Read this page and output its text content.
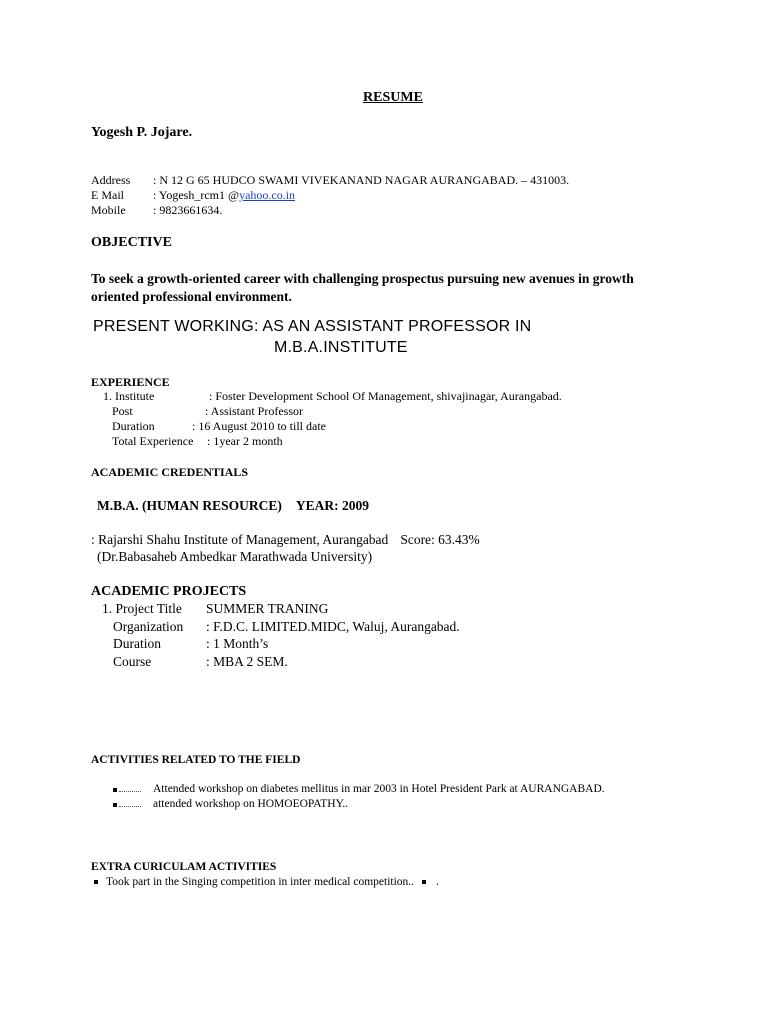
RESUME
Yogesh P. Jojare.
Address	: N 12 G 65 HUDCO SWAMI VIVEKANAND NAGAR AURANGABAD. – 431003.
E Mail	: Yogesh_rcm1 @ yahoo.co.in
Mobile	: 9823661634.
OBJECTIVE
To seek a growth-oriented career with challenging prospectus pursuing new avenues in growth oriented professional environment.
PRESENT WORKING: AS AN ASSISTANT PROFESSOR IN
M.B.A.INSTITUTE
EXPERIENCE
1. Institute	: Foster Development School Of Management, shivajinagar, Aurangabad.
Post	: Assistant Professor
Duration	: 16 August 2010 to till date
Total Experience : 1year 2 month
ACADEMIC CREDENTIALS
M.B.A. (HUMAN RESOURCE) YEAR: 2009
: Rajarshi Shahu Institute of Management, Aurangabad Score: 63.43%
(Dr.Babasaheb Ambedkar Marathwada University)
ACADEMIC PROJECTS
1. Project Title SUMMER TRANING
Organization : F.D.C. LIMITED.MIDC, Waluj, Aurangabad.
Duration	: 1 Month’s
Course	: MBA 2 SEM.
ACTIVITIES RELATED TO THE FIELD
Attended workshop on diabetes mellitus in mar 2003 in Hotel President Park at AURANGABAD.
attended workshop on HOMOEOPATHY..
EXTRA CURICULAM ACTIVITIES
Took part in the Singing competition in inter medical competition.. .
